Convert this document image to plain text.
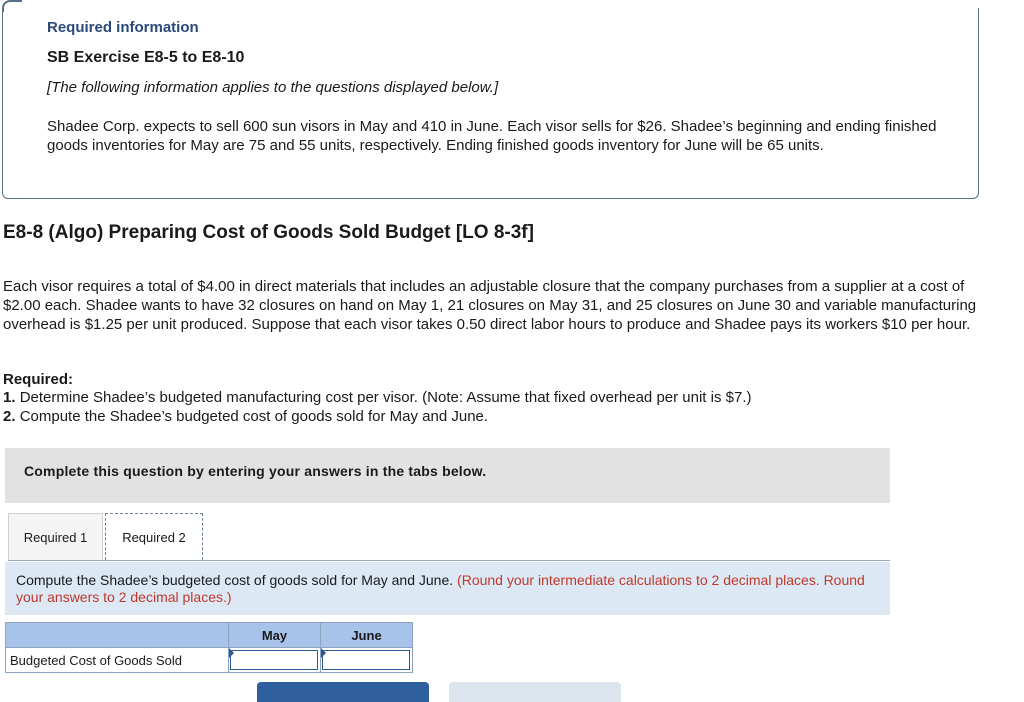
Required information
SB Exercise E8-5 to E8-10
[The following information applies to the questions displayed below.]
Shadee Corp. expects to sell 600 sun visors in May and 410 in June. Each visor sells for $26. Shadee’s beginning and ending finished goods inventories for May are 75 and 55 units, respectively. Ending finished goods inventory for June will be 65 units.
E8-8 (Algo) Preparing Cost of Goods Sold Budget [LO 8-3f]
Each visor requires a total of $4.00 in direct materials that includes an adjustable closure that the company purchases from a supplier at a cost of $2.00 each. Shadee wants to have 32 closures on hand on May 1, 21 closures on May 31, and 25 closures on June 30 and variable manufacturing overhead is $1.25 per unit produced. Suppose that each visor takes 0.50 direct labor hours to produce and Shadee pays its workers $10 per hour.
Required:
1. Determine Shadee’s budgeted manufacturing cost per visor. (Note: Assume that fixed overhead per unit is $7.)
2. Compute the Shadee’s budgeted cost of goods sold for May and June.
Complete this question by entering your answers in the tabs below.
Required 1	Required 2
Compute the Shadee’s budgeted cost of goods sold for May and June. (Round your intermediate calculations to 2 decimal places. Round your answers to 2 decimal places.)
	May	June
Budgeted Cost of Goods Sold	
